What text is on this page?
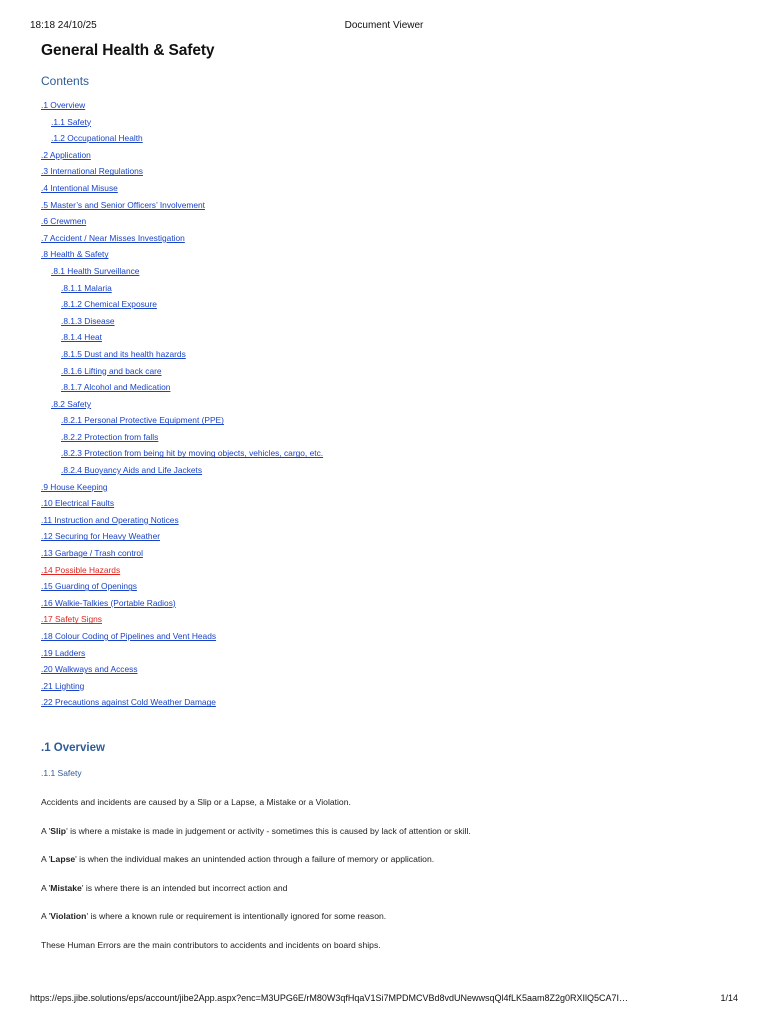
18:18 24/10/25	Document Viewer
General Health & Safety
Contents
.1 Overview
.1.1 Safety
.1.2 Occupational Health
.2 Application
.3 International Regulations
.4 Intentional Misuse
.5 Master’s and Senior Officers’ Involvement
.6 Crewmen
.7 Accident / Near Misses Investigation
.8 Health & Safety
.8.1 Health Surveillance
.8.1.1 Malaria
.8.1.2 Chemical Exposure
.8.1.3 Disease
.8.1.4 Heat
.8.1.5 Dust and its health hazards
.8.1.6 Lifting and back care
.8.1.7 Alcohol and Medication
.8.2 Safety
.8.2.1 Personal Protective Equipment (PPE)
.8.2.2 Protection from falls
.8.2.3 Protection from being hit by moving objects, vehicles, cargo, etc.
.8.2.4 Buoyancy Aids and Life Jackets
.9 House Keeping
.10 Electrical Faults
.11 Instruction and Operating Notices
.12 Securing for Heavy Weather
.13 Garbage / Trash control
.14 Possible Hazards
.15 Guarding of Openings
.16 Walkie-Talkies (Portable Radios)
.17 Safety Signs
.18 Colour Coding of Pipelines and Vent Heads
.19 Ladders
.20 Walkways and Access
.21 Lighting
.22 Precautions against Cold Weather Damage
.1 Overview
.1.1 Safety

Accidents and incidents are caused by a Slip or a Lapse, a Mistake or a Violation.

A 'Slip' is where a mistake is made in judgement or activity - sometimes this is caused by lack of attention or skill.

A 'Lapse' is when the individual makes an unintended action through a failure of memory or application.

A 'Mistake' is where there is an intended but incorrect action and

A 'Violation' is where a known rule or requirement is intentionally ignored for some reason.

These Human Errors are the main contributors to accidents and incidents on board ships.

https://eps.jibe.solutions/eps/account/jibe2App.aspx?enc=M3UPG6E/rM80W3qfHqaV1Si7MPDMCVBd8vdUNewwsqQl4fLK5aam8Z2g0RXIlQ5CA7I…	1/14
